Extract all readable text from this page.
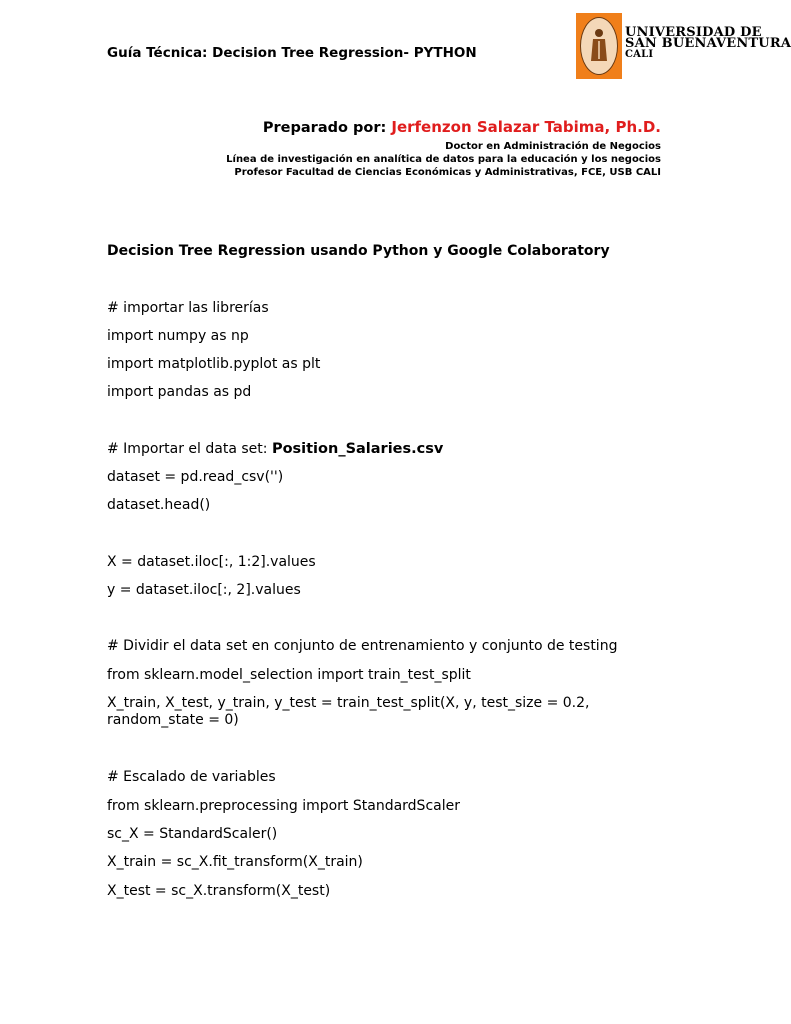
Guía Técnica: Decision Tree Regression- PYTHON
UNIVERSIDAD DE
SAN BUENAVENTURA
CALI
Preparado por: Jerfenzon Salazar Tabima, Ph.D.
Doctor en Administración de Negocios
Línea de investigación en analítica de datos para la educación y los negocios
Profesor Facultad de Ciencias Económicas y Administrativas, FCE, USB CALI
Decision Tree Regression usando Python y Google Colaboratory
# importar las librerías
import numpy as np
import matplotlib.pyplot as plt
import pandas as pd
# Importar el data set: Position_Salaries.csv
dataset = pd.read_csv('')
dataset.head()
X = dataset.iloc[:, 1:2].values
y = dataset.iloc[:, 2].values
# Dividir el data set en conjunto de entrenamiento y conjunto de testing
from sklearn.model_selection import train_test_split
X_train, X_test, y_train, y_test = train_test_split(X, y, test_size = 0.2, random_state = 0)
# Escalado de variables
from sklearn.preprocessing import StandardScaler
sc_X = StandardScaler()
X_train = sc_X.fit_transform(X_train)
X_test = sc_X.transform(X_test)
